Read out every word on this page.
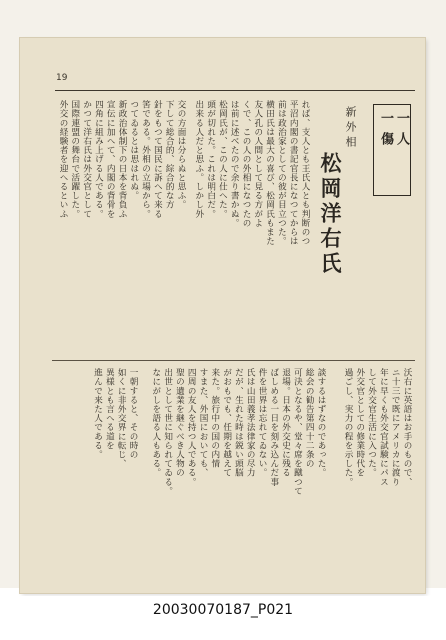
19
一人
一傷
新外相
松岡洋右氏
れば、支人とも王氏人とも判断のつ
平沼内閣の書記官長になつてからは
前は政治家としての彼が目立つた。
横田氏は最大の喜び、松岡氏もまた
友人孔の人間として見る方がよ
くで、この人の外相になつたの
は前に述べたので余り書かぬ。
松岡氏が、この人に仕へた。
頭が切れた。これは明白だ。
出来る人だと思ふ。しかし外
交の方面は分らぬと思ふ。
下して総合的、綜合的な方
針をもつて国民に訴へて来る
筈である。外相の立場から。
つてゐるとは思はれぬ。
新政治体制下の日本を背負ふ
宣伝に加へて、内閣の背骨を
四角に組み上げる人である。
かつて洋右氏は外交官として
国際連盟の舞台で活躍した。
外交の経験者を迎へるといふ
沃右に英語はお手のもので、
ニ十三で既にアメリカに渡り
年に早くも外交官試験にパス
して外交官生活に入つた。
外交官としての修業時代を
過ごし、実力の程を示した。
談するはずなのであった。
総会の勧告第四十二条の
可決となるや、堂々席を蹴つて
退場。日本の外交史に残る
ばしめる一日を刻み込んだ事
件を世界は忘れてゐない。
氏は山田義孝法律家の尽力
だが、生れた時は鋭い頭脳
がおもでも、任期を越えて
来た。旅行中の国の内情
すまた、外国においても、
四周の友人を持つ人である。
聖の遺業を継ぐべき人物の
出世として世に知られてゐる。
なにがしを語る人もある。
一朝すると、その時の
如くに非外交界に転じ、
異様とも言へる道を
進んで来た人である。
20030070187_P021
